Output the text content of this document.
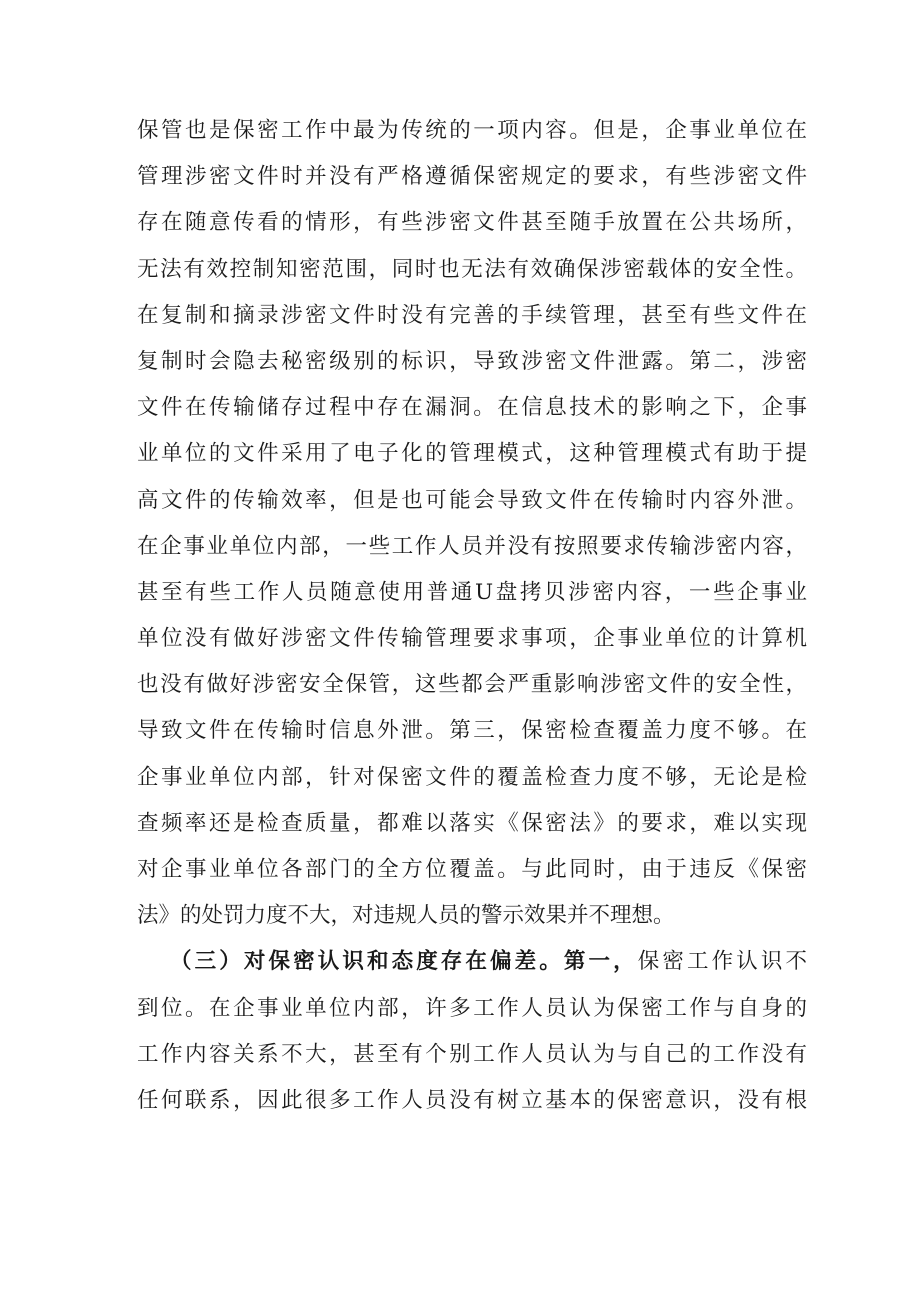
保管也是保密工作中最为传统的一项内容。但是，企事业单位在
管理涉密文件时并没有严格遵循保密规定的要求，有些涉密文件
存在随意传看的情形，有些涉密文件甚至随手放置在公共场所，
无法有效控制知密范围，同时也无法有效确保涉密载体的安全性。
在复制和摘录涉密文件时没有完善的手续管理，甚至有些文件在
复制时会隐去秘密级别的标识，导致涉密文件泄露。第二，涉密
文件在传输储存过程中存在漏洞。在信息技术的影响之下，企事
业单位的文件采用了电子化的管理模式，这种管理模式有助于提
高文件的传输效率，但是也可能会导致文件在传输时内容外泄。
在企事业单位内部，一些工作人员并没有按照要求传输涉密内容，
甚至有些工作人员随意使用普通U盘拷贝涉密内容，一些企事业
单位没有做好涉密文件传输管理要求事项，企事业单位的计算机
也没有做好涉密安全保管，这些都会严重影响涉密文件的安全性，
导致文件在传输时信息外泄。第三，保密检查覆盖力度不够。在
企事业单位内部，针对保密文件的覆盖检查力度不够，无论是检
查频率还是检查质量，都难以落实《保密法》的要求，难以实现
对企事业单位各部门的全方位覆盖。与此同时，由于违反《保密
法》的处罚力度不大，对违规人员的警示效果并不理想。
（三）对保密认识和态度存在偏差。第一，保密工作认识不
到位。在企事业单位内部，许多工作人员认为保密工作与自身的
工作内容关系不大，甚至有个别工作人员认为与自己的工作没有
任何联系，因此很多工作人员没有树立基本的保密意识，没有根
